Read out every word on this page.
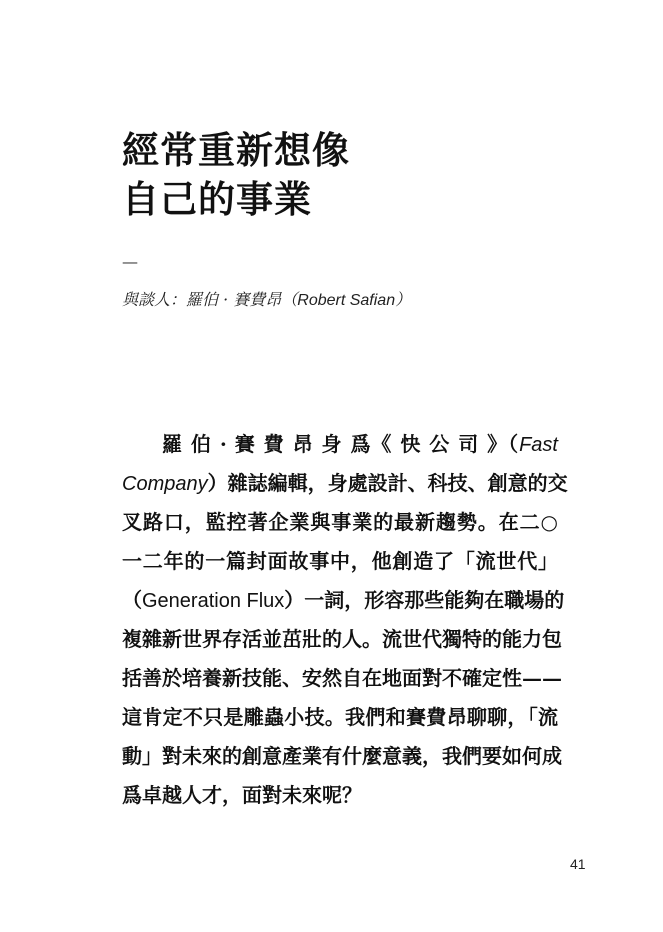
經常重新想像
自己的事業
—
與談人：羅伯 · 賽費昂（Robert Safian）
羅 伯 · 賽 費 昂 身 爲《 快 公 司 》（Fast
Company）雜誌編輯，身處設計、科技、創意的交
叉路口，監控著企業與事業的最新趨勢。在二○
一二年的一篇封面故事中，他創造了「流世代」
（Generation Flux）一詞，形容那些能夠在職場的
複雜新世界存活並茁壯的人。流世代獨特的能力包
括善於培養新技能、安然自在地面對不確定性——
這肯定不只是雕蟲小技。我們和賽費昂聊聊，「流
動」對未來的創意產業有什麼意義，我們要如何成
爲卓越人才，面對未來呢？
41
